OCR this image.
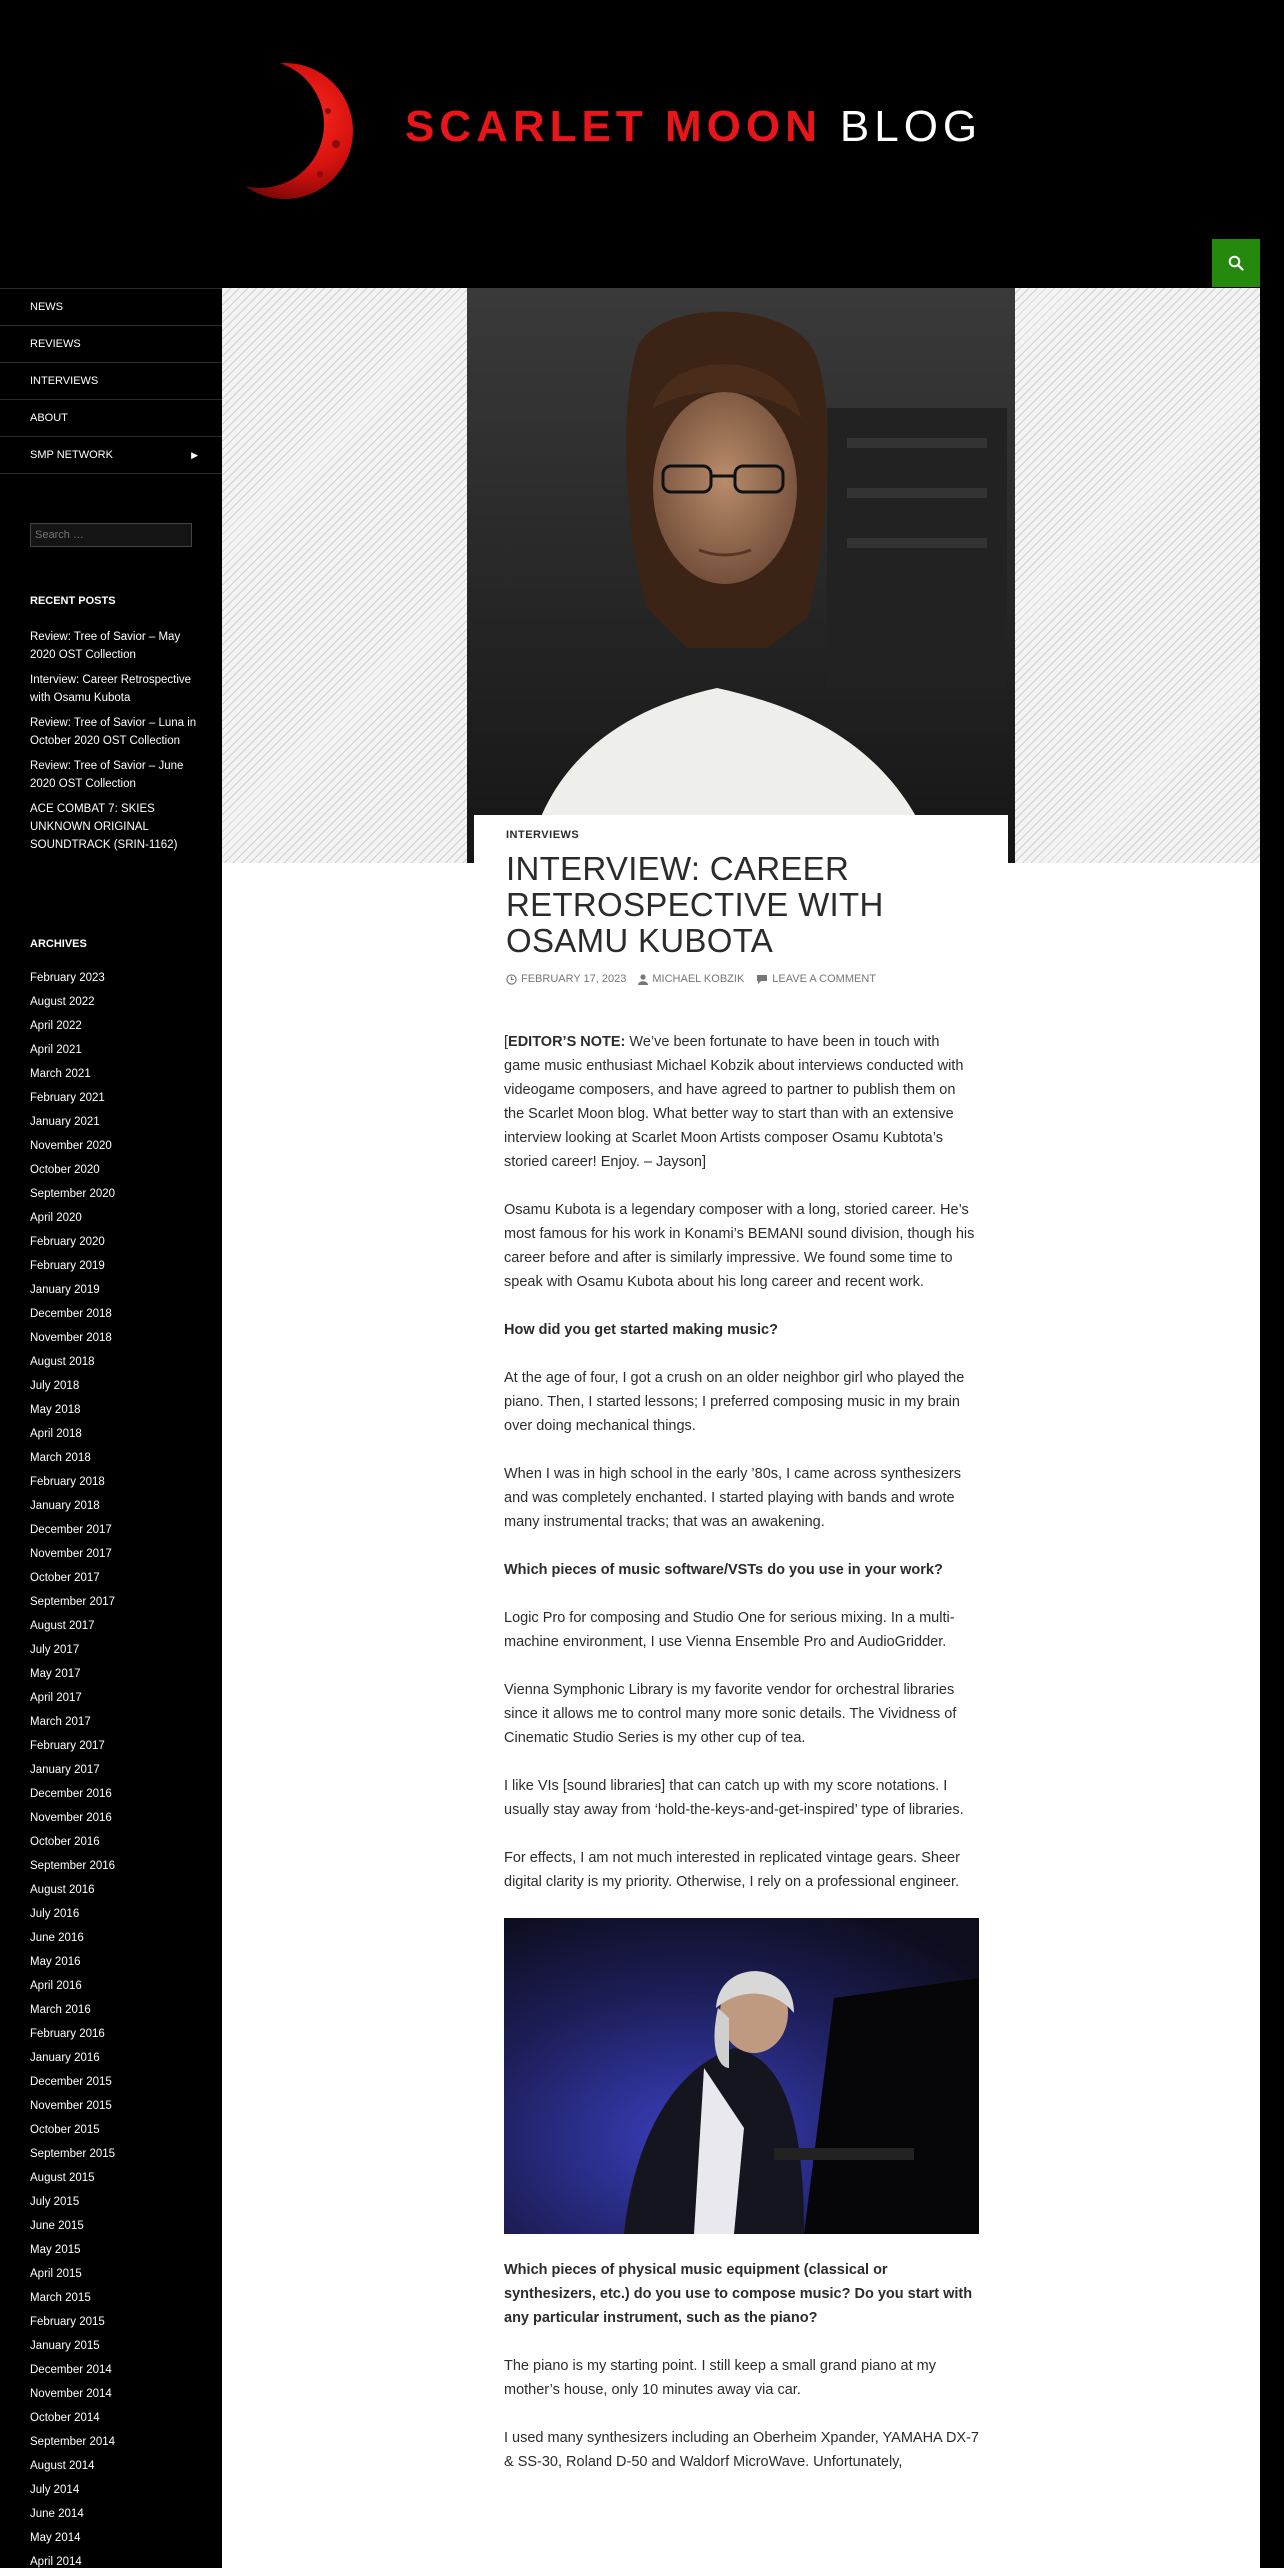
SCARLET MOON BLOG
NEWS
REVIEWS
INTERVIEWS
ABOUT
SMP NETWORK	▶
Search …
RECENT POSTS
Review: Tree of Savior – May 2020 OST Collection
Interview: Career Retrospective with Osamu Kubota
Review: Tree of Savior – Luna in October 2020 OST Collection
Review: Tree of Savior – June 2020 OST Collection
ACE COMBAT 7: SKIES UNKNOWN ORIGINAL SOUNDTRACK (SRIN-1162)
ARCHIVES
February 2023
August 2022
April 2022
April 2021
March 2021
February 2021
January 2021
November 2020
October 2020
September 2020
April 2020
February 2020
February 2019
January 2019
December 2018
November 2018
August 2018
July 2018
May 2018
April 2018
March 2018
February 2018
January 2018
December 2017
November 2017
October 2017
September 2017
August 2017
July 2017
May 2017
April 2017
March 2017
February 2017
January 2017
December 2016
November 2016
October 2016
September 2016
August 2016
July 2016
June 2016
May 2016
April 2016
March 2016
February 2016
January 2016
December 2015
November 2015
October 2015
September 2015
August 2015
July 2015
June 2015
May 2015
April 2015
March 2015
February 2015
January 2015
December 2014
November 2014
October 2014
September 2014
August 2014
July 2014
June 2014
May 2014
April 2014
INTERVIEWS
INTERVIEW: CAREER RETROSPECTIVE WITH OSAMU KUBOTA
FEBRUARY 17, 2023 MICHAEL KOBZIK	LEAVE A COMMENT

[EDITOR’S NOTE: We’ve been fortunate to have been in touch with game music enthusiast Michael Kobzik about interviews conducted with videogame composers, and have agreed to partner to publish them on the Scarlet Moon blog. What better way to start than with an extensive interview looking at Scarlet Moon Artists composer Osamu Kubtota’s storied career! Enjoy. – Jayson]

Osamu Kubota is a legendary composer with a long, storied career. He’s most famous for his work in Konami’s BEMANI sound division, though his career before and after is similarly impressive. We found some time to speak with Osamu Kubota about his long career and recent work.

How did you get started making music?

At the age of four, I got a crush on an older neighbor girl who played the piano. Then, I started lessons; I preferred composing music in my brain over doing mechanical things.

When I was in high school in the early ’80s, I came across synthesizers and was completely enchanted. I started playing with bands and wrote many instrumental tracks; that was an awakening.

Which pieces of music software/VSTs do you use in your work?

Logic Pro for composing and Studio One for serious mixing. In a multi-machine environment, I use Vienna Ensemble Pro and AudioGridder.

Vienna Symphonic Library is my favorite vendor for orchestral libraries since it allows me to control many more sonic details. The Vividness of Cinematic Studio Series is my other cup of tea.

I like VIs [sound libraries] that can catch up with my score notations. I usually stay away from ‘hold-the-keys-and-get-inspired’ type of libraries.

For effects, I am not much interested in replicated vintage gears. Sheer digital clarity is my priority. Otherwise, I rely on a professional engineer.

Which pieces of physical music equipment (classical or synthesizers, etc.) do you use to compose music? Do you start with any particular instrument, such as the piano?

The piano is my starting point. I still keep a small grand piano at my mother’s house, only 10 minutes away via car.

I used many synthesizers including an Oberheim Xpander, YAMAHA DX-7 & SS-30, Roland D-50 and Waldorf MicroWave. Unfortunately,
